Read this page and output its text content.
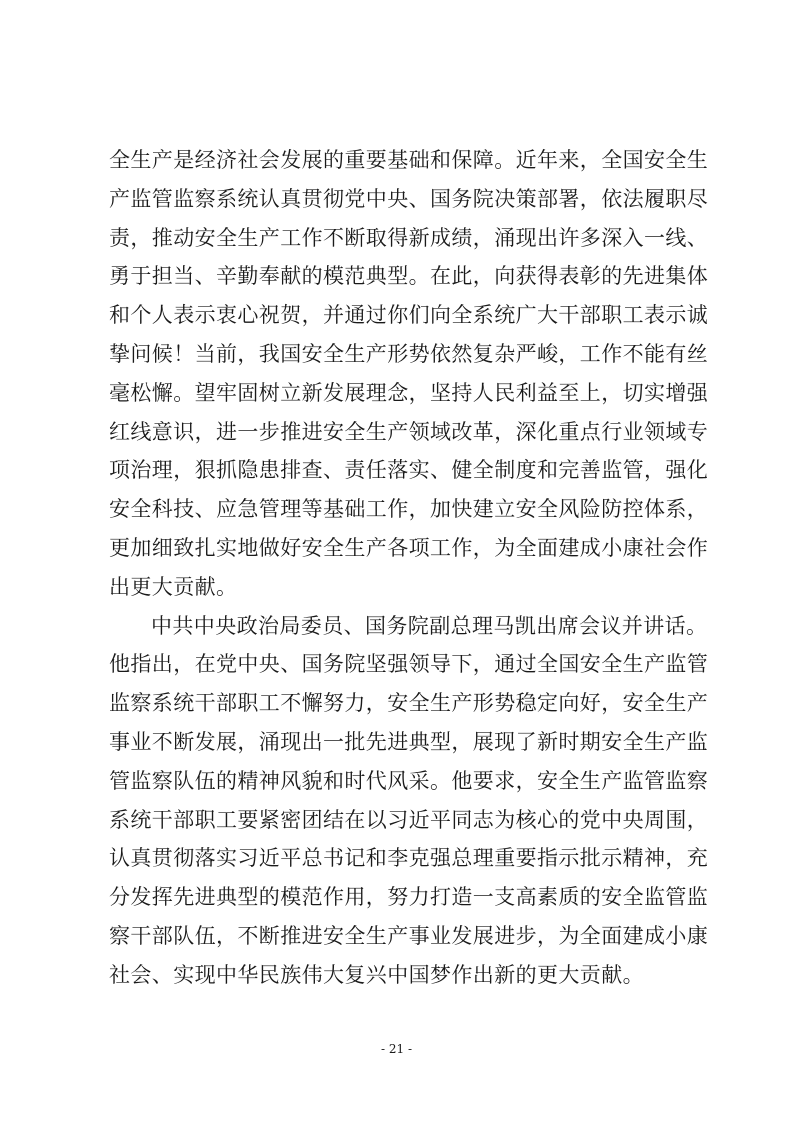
全生产是经济社会发展的重要基础和保障。近年来，全国安全生
产监管监察系统认真贯彻党中央、国务院决策部署，依法履职尽
责，推动安全生产工作不断取得新成绩，涌现出许多深入一线、
勇于担当、辛勤奉献的模范典型。在此，向获得表彰的先进集体
和个人表示衷心祝贺，并通过你们向全系统广大干部职工表示诚
挚问候！当前，我国安全生产形势依然复杂严峻，工作不能有丝
毫松懈。望牢固树立新发展理念，坚持人民利益至上，切实增强
红线意识，进一步推进安全生产领域改革，深化重点行业领域专
项治理，狠抓隐患排查、责任落实、健全制度和完善监管，强化
安全科技、应急管理等基础工作，加快建立安全风险防控体系，
更加细致扎实地做好安全生产各项工作，为全面建成小康社会作
出更大贡献。
中共中央政治局委员、国务院副总理马凯出席会议并讲话。
他指出，在党中央、国务院坚强领导下，通过全国安全生产监管
监察系统干部职工不懈努力，安全生产形势稳定向好，安全生产
事业不断发展，涌现出一批先进典型，展现了新时期安全生产监
管监察队伍的精神风貌和时代风采。他要求，安全生产监管监察
系统干部职工要紧密团结在以习近平同志为核心的党中央周围，
认真贯彻落实习近平总书记和李克强总理重要指示批示精神，充
分发挥先进典型的模范作用，努力打造一支高素质的安全监管监
察干部队伍，不断推进安全生产事业发展进步，为全面建成小康
社会、实现中华民族伟大复兴中国梦作出新的更大贡献。
- 21 -
